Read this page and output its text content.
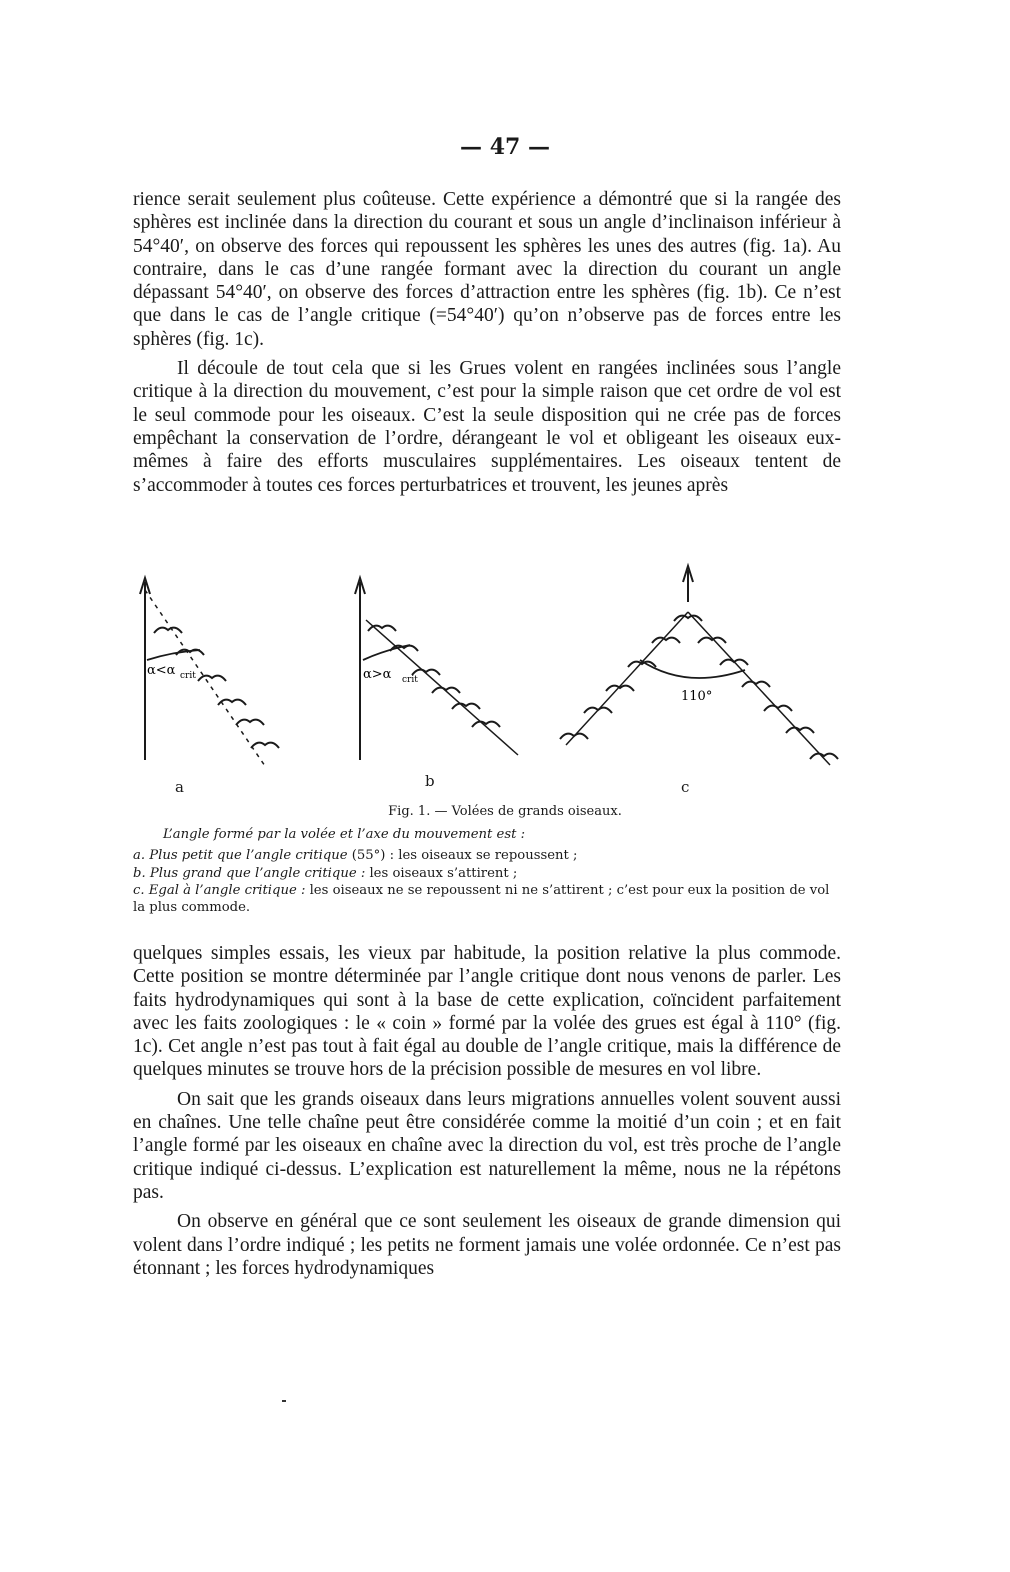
— 47 —

rience serait seulement plus coûteuse. Cette expérience a démontré que si la rangée des sphères est inclinée dans la direction du courant et sous un angle d’inclinaison inférieur à 54°40′, on observe des forces qui repoussent les sphères les unes des autres (fig. 1a). Au contraire, dans le cas d’une rangée formant avec la direction du courant un angle dépassant 54°40′, on observe des forces d’attraction entre les sphères (fig. 1b). Ce n’est que dans le cas de l’angle critique (=54°40′) qu’on n’observe pas de forces entre les sphères (fig. 1c).

Il découle de tout cela que si les Grues volent en rangées inclinées sous l’angle critique à la direction du mouvement, c’est pour la simple raison que cet ordre de vol est le seul commode pour les oiseaux. C’est la seule disposition qui ne crée pas de forces empêchant la conservation de l’ordre, dérangeant le vol et obligeant les oiseaux eux-mêmes à faire des efforts musculaires supplémentaires. Les oiseaux tentent de s’accommoder à toutes ces forces perturbatrices et trouvent, les jeunes après

α<α crit	α>α crit
110°
a	b	c
Fig. 1. — Volées de grands oiseaux.
L’angle formé par la volée et l’axe du mouvement est :
a. Plus petit que l’angle critique (55°) : les oiseaux se repoussent ;
b. Plus grand que l’angle critique : les oiseaux s’attirent ;
c. Egal à l’angle critique : les oiseaux ne se repoussent ni ne s’attirent ; c’est pour eux la position de vol la plus commode.

quelques simples essais, les vieux par habitude, la position relative la plus commode. Cette position se montre déterminée par l’angle critique dont nous venons de parler. Les faits hydrodynamiques qui sont à la base de cette explication, coïncident parfaitement avec les faits zoologiques : le « coin » formé par la volée des grues est égal à 110° (fig. 1c). Cet angle n’est pas tout à fait égal au double de l’angle critique, mais la différence de quelques minutes se trouve hors de la précision possible de mesures en vol libre.

On sait que les grands oiseaux dans leurs migrations annuelles volent souvent aussi en chaînes. Une telle chaîne peut être considérée comme la moitié d’un coin ; et en fait l’angle formé par les oiseaux en chaîne avec la direction du vol, est très proche de l’angle critique indiqué ci-dessus. L’explication est naturellement la même, nous ne la répétons pas.

On observe en général que ce sont seulement les oiseaux de grande dimension qui volent dans l’ordre indiqué ; les petits ne forment jamais une volée ordonnée. Ce n’est pas étonnant ; les forces hydrodynamiques
